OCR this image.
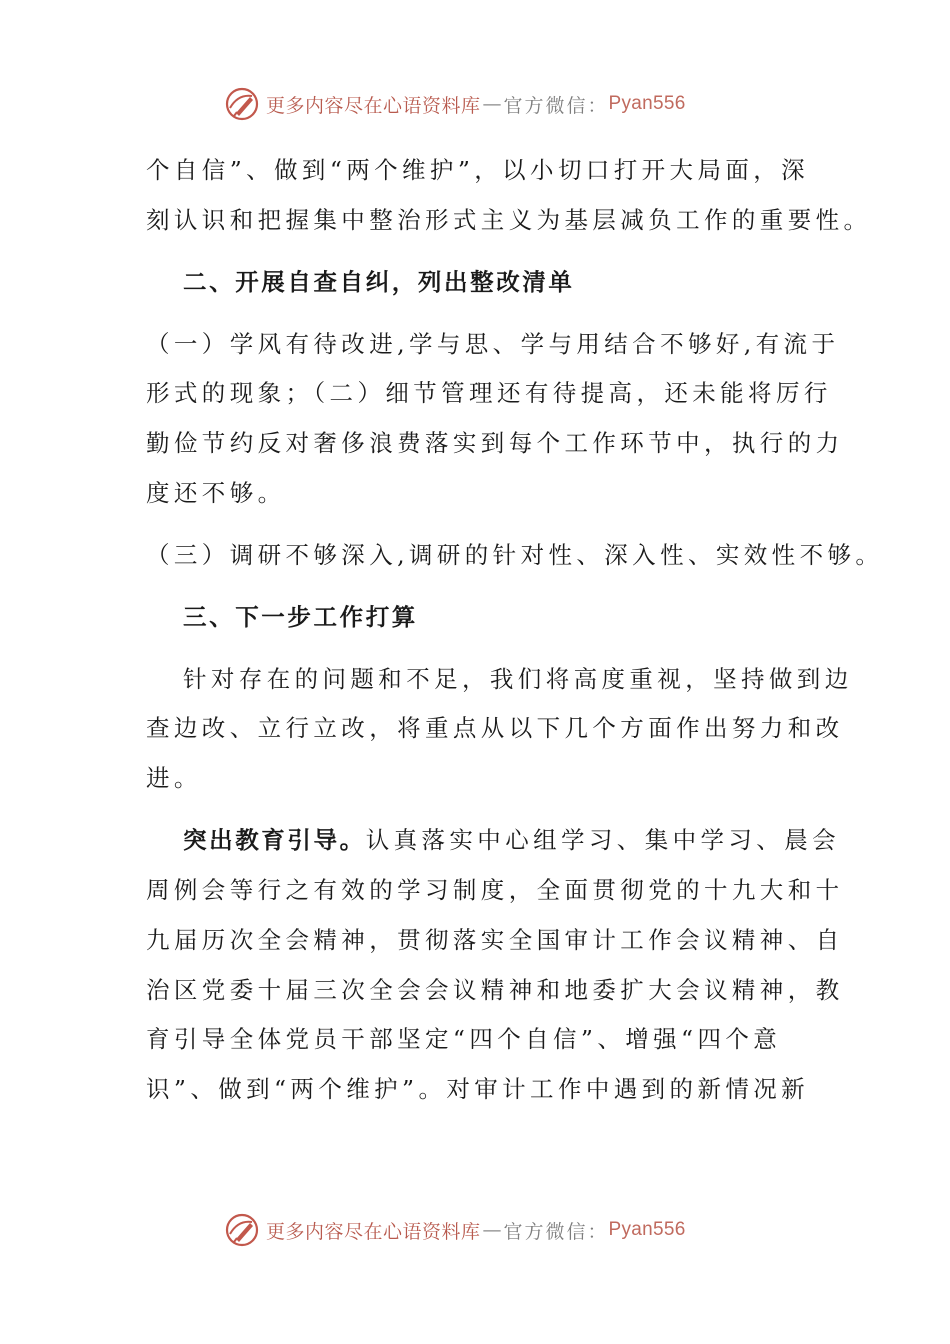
更多内容尽在心语资料库 — 官方微信： Pyan556
个自信”、做到“两个维护”，以小切口打开大局面，深
刻认识和把握集中整治形式主义为基层减负工作的重要性。
二、开展自查自纠，列出整改清单
（一）学风有待改进,学与思、学与用结合不够好,有流于
形式的现象；（二）细节管理还有待提高，还未能将厉行
勤俭节约反对奢侈浪费落实到每个工作环节中，执行的力
度还不够。
（三）调研不够深入,调研的针对性、深入性、实效性不够。
三、下一步工作打算
针对存在的问题和不足，我们将高度重视，坚持做到边
查边改、立行立改，将重点从以下几个方面作出努力和改
进。
突出教育引导。认真落实中心组学习、集中学习、晨会
周例会等行之有效的学习制度，全面贯彻党的十九大和十
九届历次全会精神，贯彻落实全国审计工作会议精神、自
治区党委十届三次全会会议精神和地委扩大会议精神，教
育引导全体党员干部坚定“四个自信”、增强“四个意
识”、做到“两个维护”。对审计工作中遇到的新情况新
更多内容尽在心语资料库 — 官方微信： Pyan556
